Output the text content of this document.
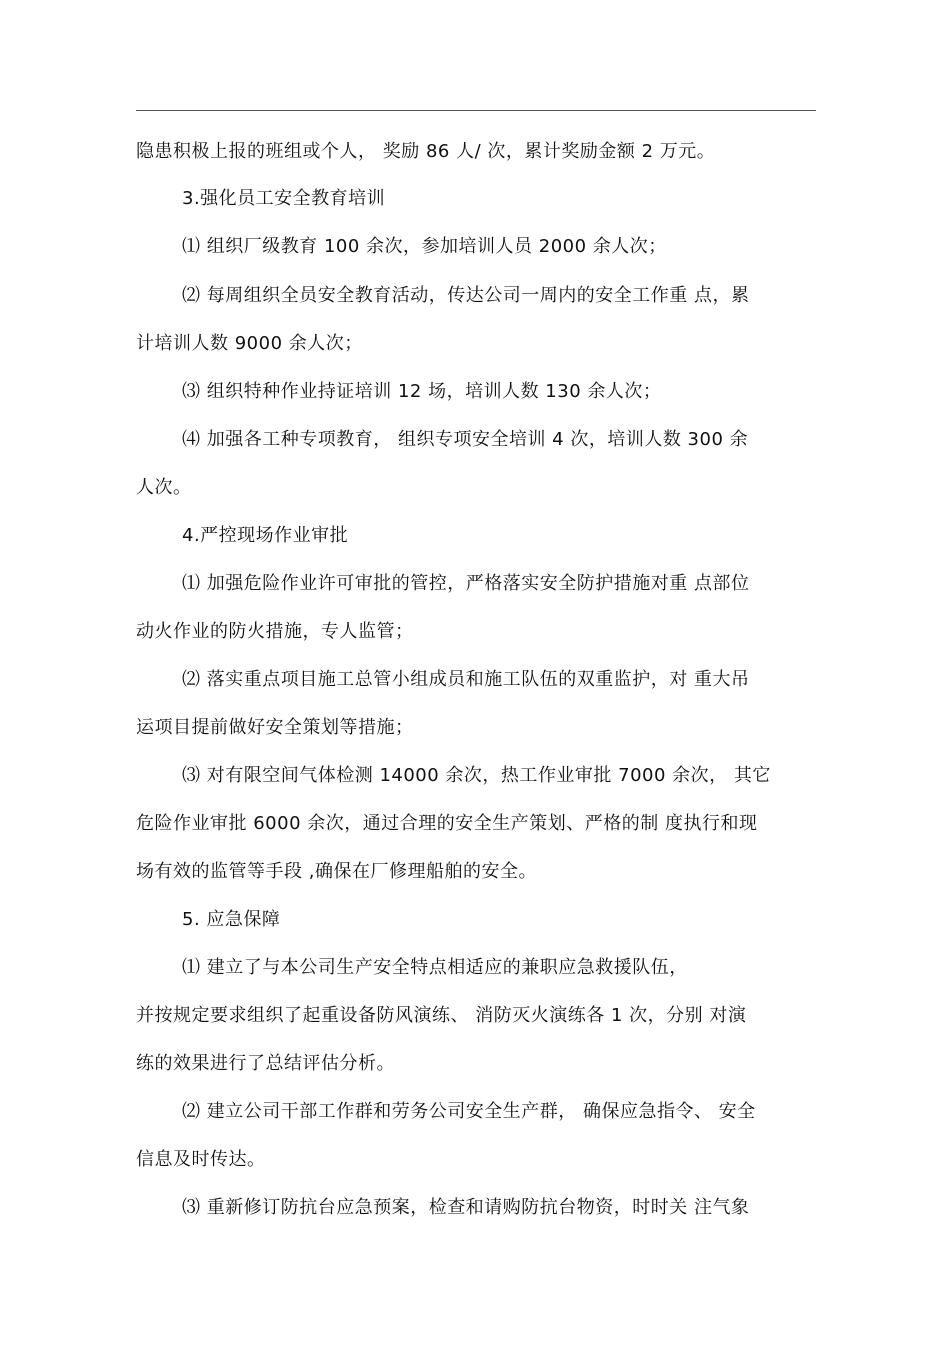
隐患积极上报的班组或个人， 奖励 86 人/ 次，累计奖励金额 2 万元。
3.强化员工安全教育培训
⑴ 组织厂级教育 100 余次，参加培训人员 2000 余人次；
⑵ 每周组织全员安全教育活动，传达公司一周内的安全工作重 点，累
计培训人数 9000 余人次；
⑶ 组织特种作业持证培训 12 场，培训人数 130 余人次；
⑷ 加强各工种专项教育， 组织专项安全培训 4 次，培训人数 300 余
人次。
4.严控现场作业审批
⑴ 加强危险作业许可审批的管控，严格落实安全防护措施对重 点部位
动火作业的防火措施，专人监管；
⑵ 落实重点项目施工总管小组成员和施工队伍的双重监护，对 重大吊
运项目提前做好安全策划等措施；
⑶ 对有限空间气体检测 14000 余次，热工作业审批 7000 余次， 其它
危险作业审批 6000 余次，通过合理的安全生产策划、严格的制 度执行和现
场有效的监管等手段 ,确保在厂修理船舶的安全。
5. 应急保障
⑴ 建立了与本公司生产安全特点相适应的兼职应急救援队伍，
并按规定要求组织了起重设备防风演练、 消防灭火演练各 1 次，分别 对演
练的效果进行了总结评估分析。
⑵ 建立公司干部工作群和劳务公司安全生产群， 确保应急指令、 安全
信息及时传达。
⑶ 重新修订防抗台应急预案，检查和请购防抗台物资，时时关 注气象
